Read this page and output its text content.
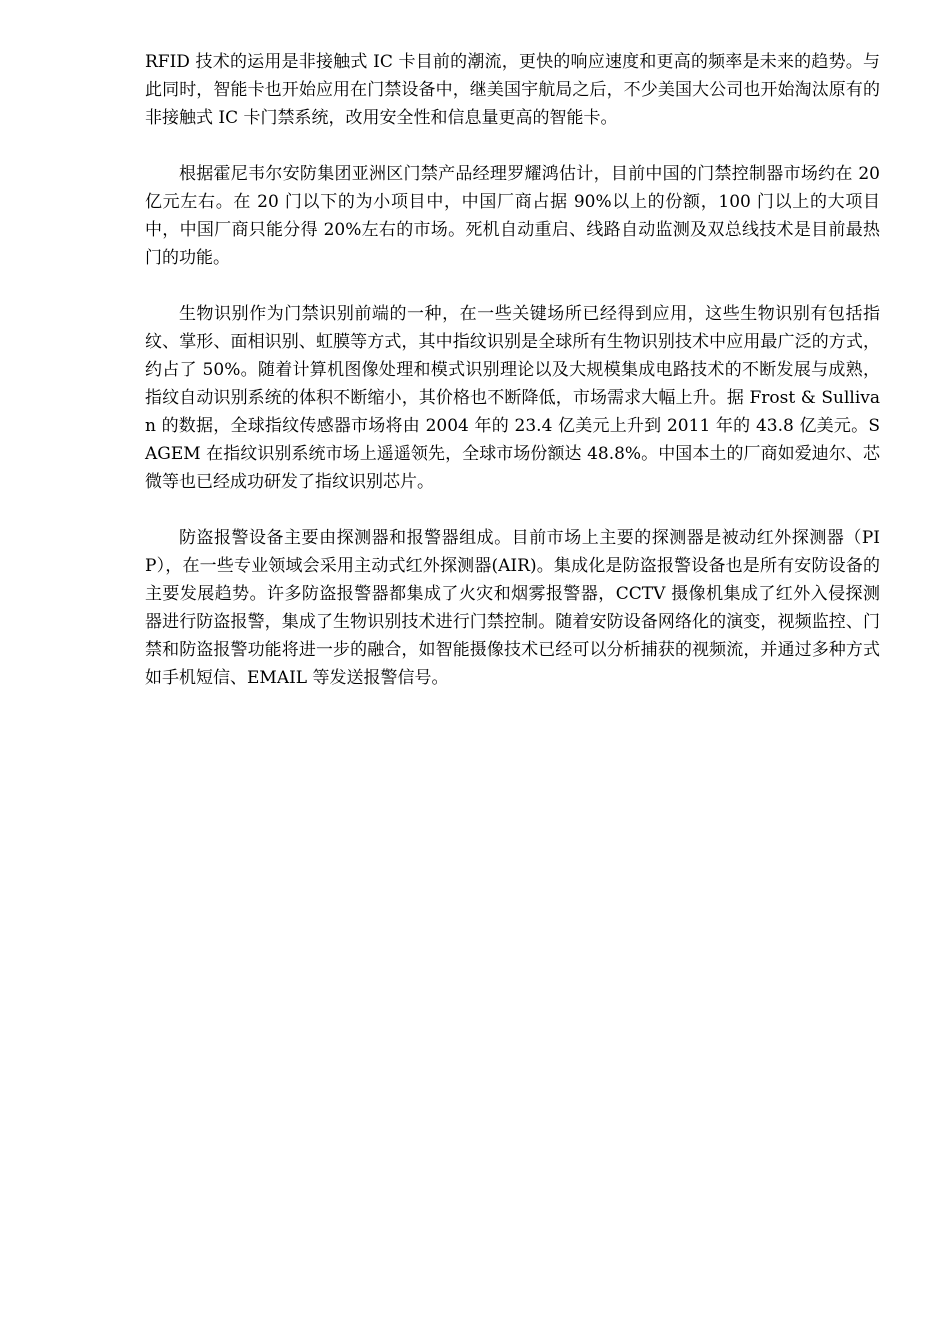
RFID 技术的运用是非接触式 IC 卡目前的潮流，更快的响应速度和更高的频率是未来的趋势。与此同时，智能卡也开始应用在门禁设备中，继美国宇航局之后，不少美国大公司也开始淘汰原有的非接触式 IC 卡门禁系统，改用安全性和信息量更高的智能卡。

根据霍尼韦尔安防集团亚洲区门禁产品经理罗耀鸿估计，目前中国的门禁控制器市场约在 20 亿元左右。在 20 门以下的为小项目中，中国厂商占据 90%以上的份额，100 门以上的大项目中，中国厂商只能分得 20%左右的市场。死机自动重启、线路自动监测及双总线技术是目前最热门的功能。

生物识别作为门禁识别前端的一种，在一些关键场所已经得到应用，这些生物识别有包括指纹、掌形、面相识别、虹膜等方式，其中指纹识别是全球所有生物识别技术中应用最广泛的方式，约占了 50%。随着计算机图像处理和模式识别理论以及大规模集成电路技术的不断发展与成熟，指纹自动识别系统的体积不断缩小，其价格也不断降低，市场需求大幅上升。据 Frost & Sullivan 的数据，全球指纹传感器市场将由 2004 年的 23.4 亿美元上升到 2011 年的 43.8 亿美元。SAGEM 在指纹识别系统市场上遥遥领先，全球市场份额达 48.8%。中国本土的厂商如爱迪尔、芯微等也已经成功研发了指纹识别芯片。

防盗报警设备主要由探测器和报警器组成。目前市场上主要的探测器是被动红外探测器（PIP），在一些专业领域会采用主动式红外探测器(AIR)。集成化是防盗报警设备也是所有安防设备的主要发展趋势。许多防盗报警器都集成了火灾和烟雾报警器，CCTV 摄像机集成了红外入侵探测器进行防盗报警，集成了生物识别技术进行门禁控制。随着安防设备网络化的演变，视频监控、门禁和防盗报警功能将进一步的融合，如智能摄像技术已经可以分析捕获的视频流，并通过多种方式如手机短信、EMAIL 等发送报警信号。
